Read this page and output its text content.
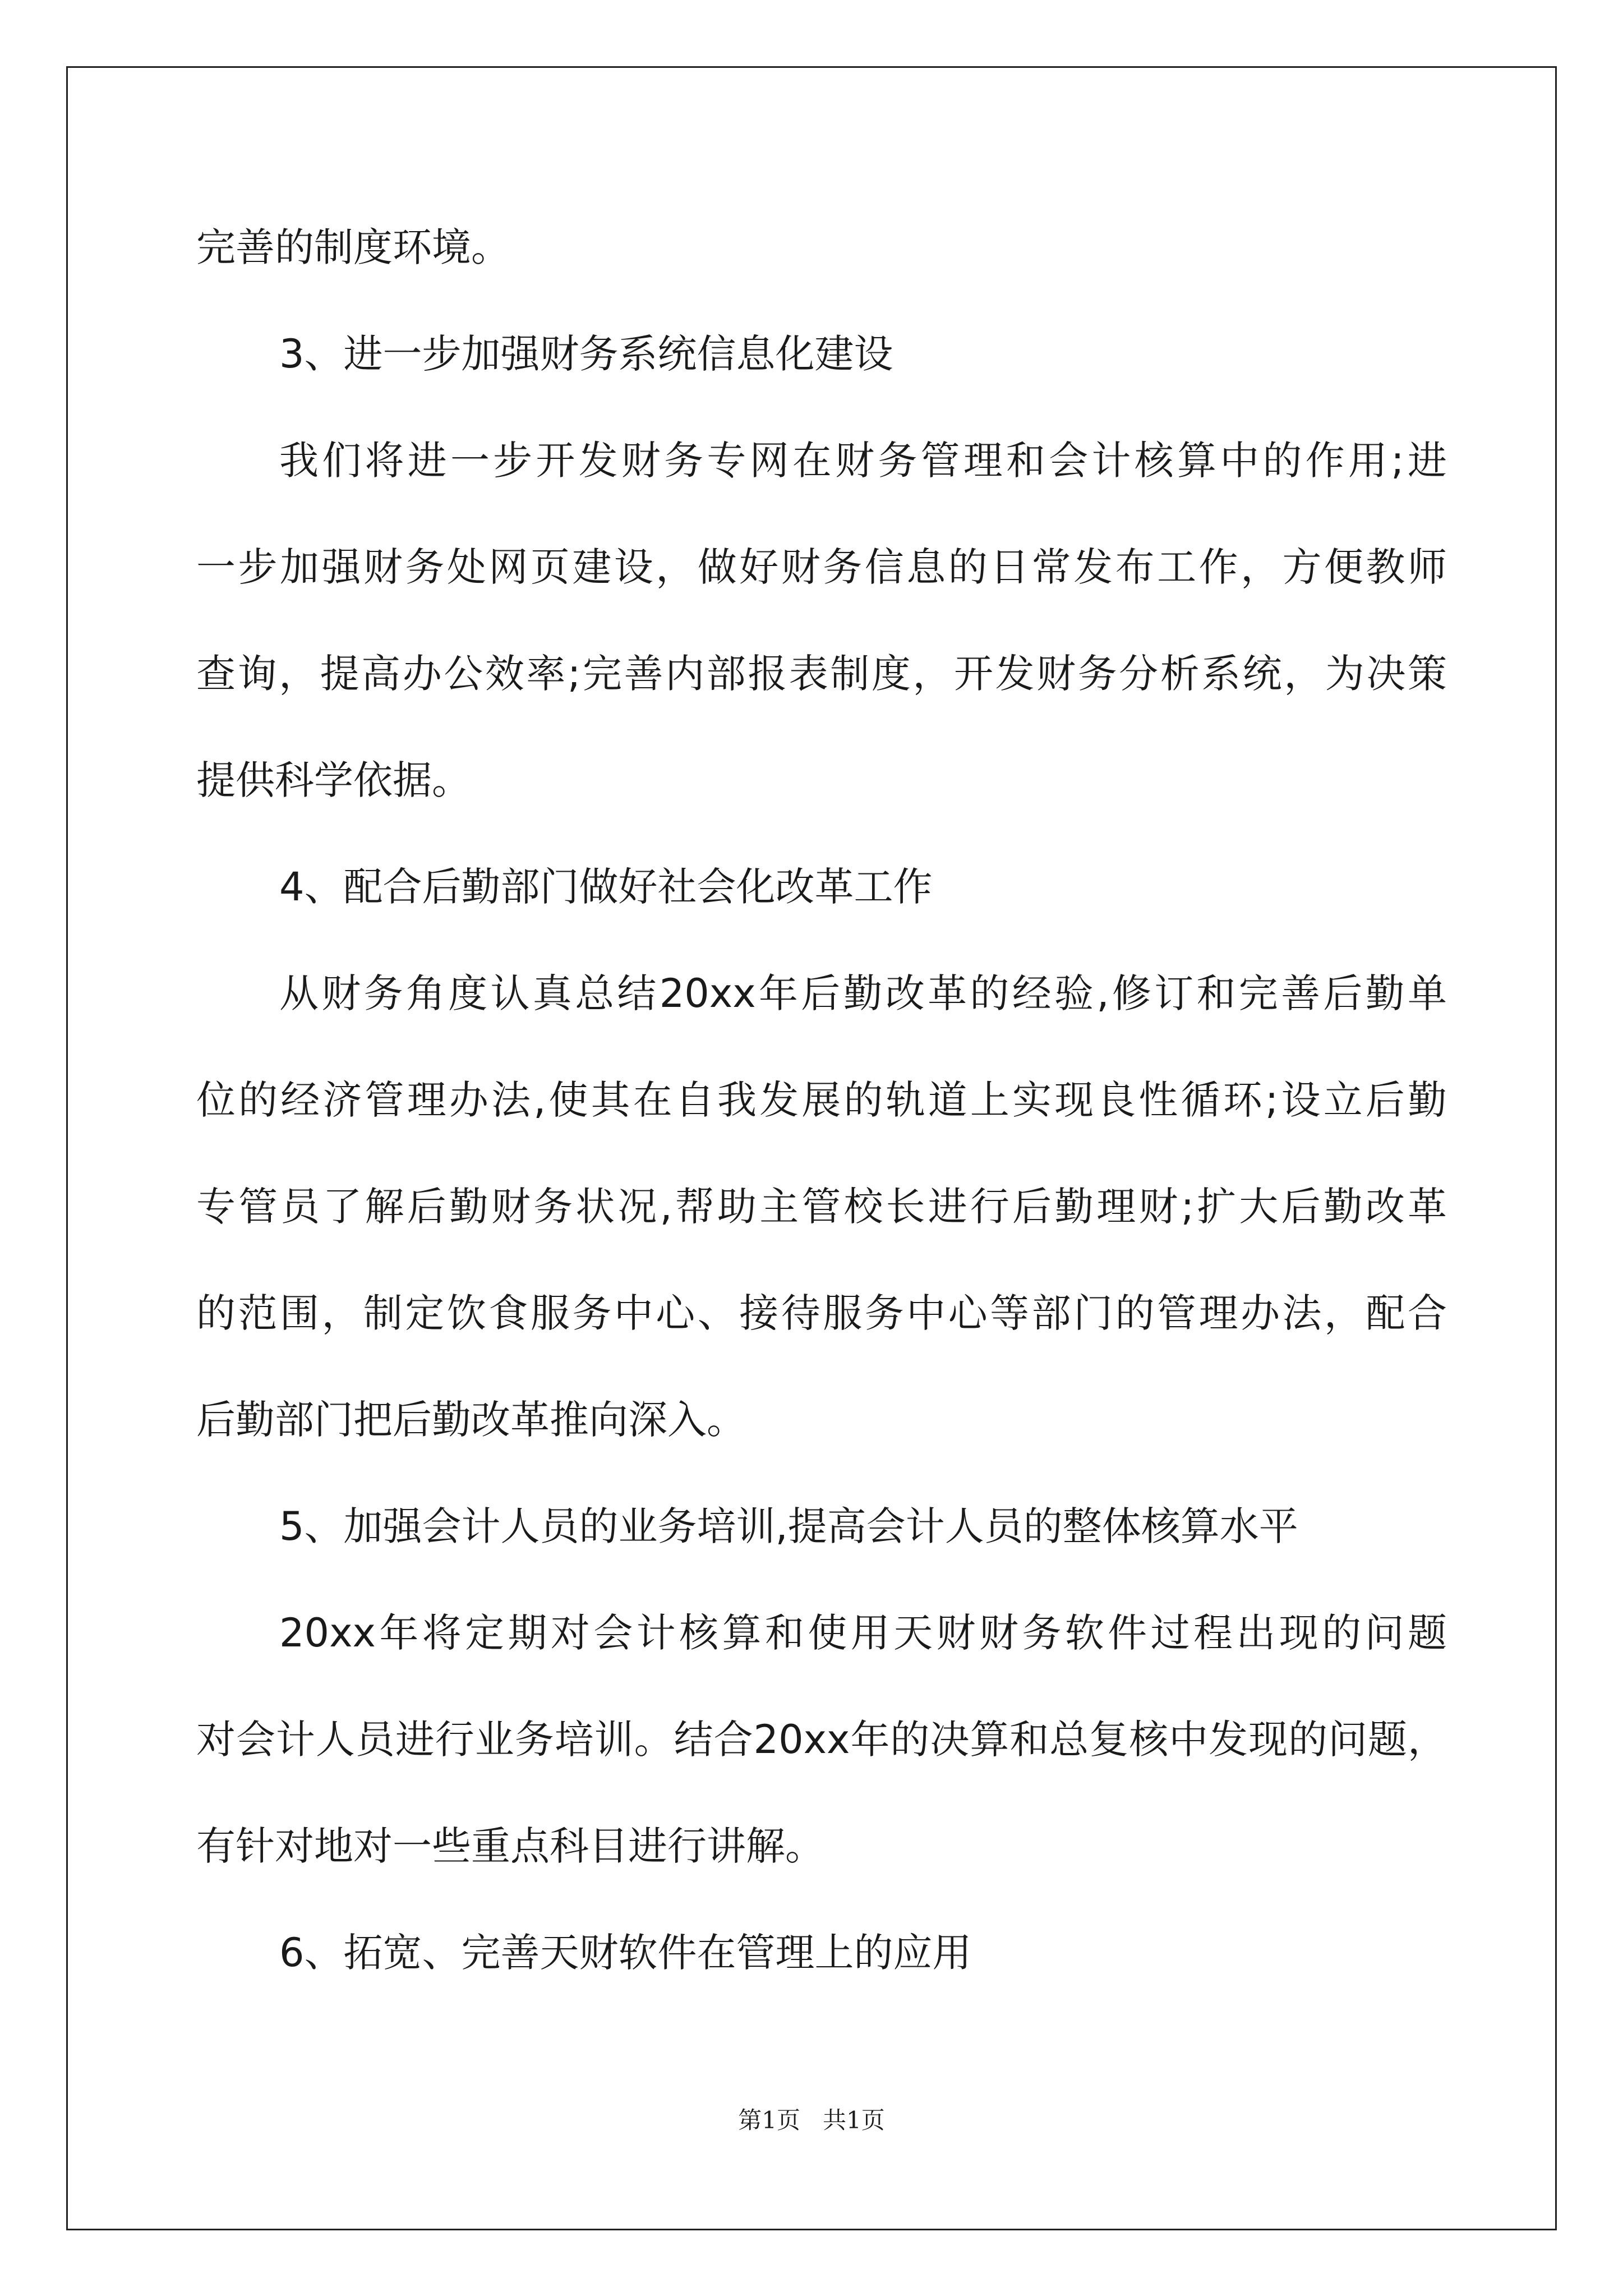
完善的制度环境。
3、进一步加强财务系统信息化建设
我们将进一步开发财务专网在财务管理和会计核算中的作用;进
一步加强财务处网页建设，做好财务信息的日常发布工作，方便教师
查询，提高办公效率;完善内部报表制度，开发财务分析系统，为决策
提供科学依据。
4、配合后勤部门做好社会化改革工作
从财务角度认真总结20xx年后勤改革的经验,修订和完善后勤单
位的经济管理办法,使其在自我发展的轨道上实现良性循环;设立后勤
专管员了解后勤财务状况,帮助主管校长进行后勤理财;扩大后勤改革
的范围，制定饮食服务中心、接待服务中心等部门的管理办法，配合
后勤部门把后勤改革推向深入。
5、加强会计人员的业务培训,提高会计人员的整体核算水平
20xx年将定期对会计核算和使用天财财务软件过程出现的问题
对会计人员进行业务培训。结合20xx年的决算和总复核中发现的问题，
有针对地对一些重点科目进行讲解。
6、拓宽、完善天财软件在管理上的应用
第1页 共1页
